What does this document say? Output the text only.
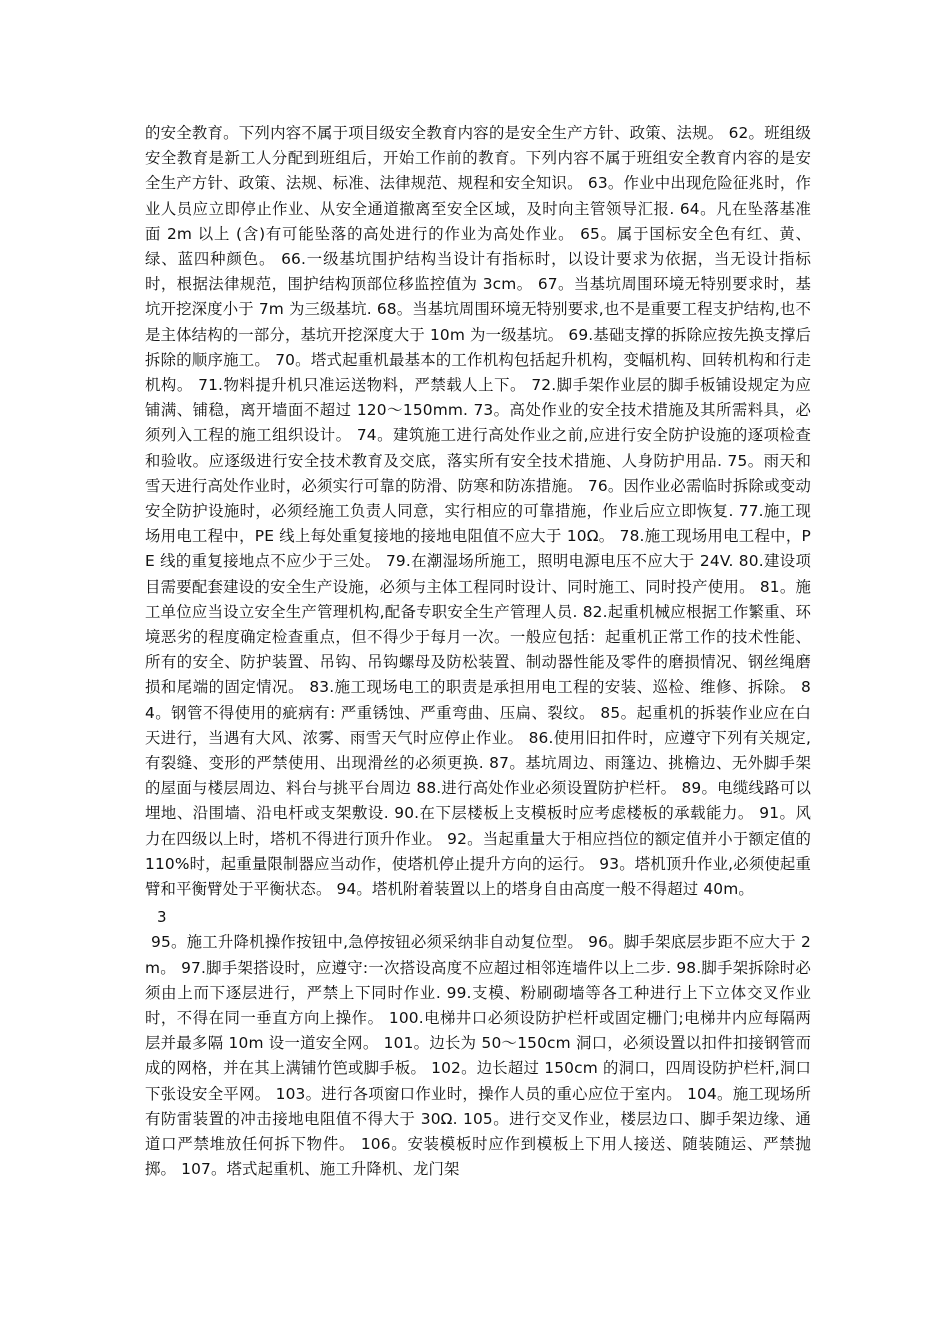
的安全教育。下列内容不属于项目级安全教育内容的是安全生产方针、政策、法规。 62。班组级安全教育是新工人分配到班组后，开始工作前的教育。下列内容不属于班组安全教育内容的是安全生产方针、政策、法规、标准、法律规范、规程和安全知识。 63。作业中出现危险征兆时，作业人员应立即停止作业、从安全通道撤离至安全区域，及时向主管领导汇报. 64。凡在坠落基准面 2m 以上 (含)有可能坠落的高处进行的作业为高处作业。 65。属于国标安全色有红、黄、绿、蓝四种颜色。 66.一级基坑围护结构当设计有指标时，以设计要求为依据，当无设计指标时，根据法律规范，围护结构顶部位移监控值为 3cm。 67。当基坑周围环境无特别要求时，基坑开挖深度小于 7m 为三级基坑. 68。当基坑周围环境无特别要求,也不是重要工程支护结构,也不是主体结构的一部分，基坑开挖深度大于 10m 为一级基坑。 69.基础支撑的拆除应按先换支撑后拆除的顺序施工。 70。塔式起重机最基本的工作机构包括起升机构，变幅机构、回转机构和行走机构。 71.物料提升机只准运送物料，严禁载人上下。 72.脚手架作业层的脚手板铺设规定为应铺满、铺稳，离开墙面不超过 120～150mm. 73。高处作业的安全技术措施及其所需料具，必须列入工程的施工组织设计。 74。建筑施工进行高处作业之前,应进行安全防护设施的逐项检查和验收。应逐级进行安全技术教育及交底，落实所有安全技术措施、人身防护用品. 75。雨天和雪天进行高处作业时，必须实行可靠的防滑、防寒和防冻措施。 76。因作业必需临时拆除或变动安全防护设施时，必须经施工负责人同意，实行相应的可靠措施，作业后应立即恢复. 77.施工现场用电工程中，PE 线上每处重复接地的接地电阻值不应大于 10Ω。 78.施工现场用电工程中，PE 线的重复接地点不应少于三处。 79.在潮湿场所施工，照明电源电压不应大于 24V. 80.建设项目需要配套建设的安全生产设施，必须与主体工程同时设计、同时施工、同时投产使用。 81。施工单位应当设立安全生产管理机构,配备专职安全生产管理人员. 82.起重机械应根据工作繁重、环境恶劣的程度确定检查重点，但不得少于每月一次。一般应包括：起重机正常工作的技术性能、所有的安全、防护装置、吊钩、吊钩螺母及防松装置、制动器性能及零件的磨损情况、钢丝绳磨损和尾端的固定情况。 83.施工现场电工的职责是承担用电工程的安装、巡检、维修、拆除。 84。钢管不得使用的疵病有: 严重锈蚀、严重弯曲、压扁、裂纹。 85。起重机的拆装作业应在白天进行，当遇有大风、浓雾、雨雪天气时应停止作业。 86.使用旧扣件时，应遵守下列有关规定,有裂缝、变形的严禁使用、出现滑丝的必须更换. 87。基坑周边、雨篷边、挑檐边、无外脚手架的屋面与楼层周边、料台与挑平台周边 88.进行高处作业必须设置防护栏杆。 89。电缆线路可以埋地、沿围墙、沿电杆或支架敷设. 90.在下层楼板上支模板时应考虑楼板的承载能力。 91。风力在四级以上时，塔机不得进行顶升作业。 92。当起重量大于相应挡位的额定值并小于额定值的 110%时，起重量限制器应当动作，使塔机停止提升方向的运行。 93。塔机顶升作业,必须使起重臂和平衡臂处于平衡状态。 94。塔机附着装置以上的塔身自由高度一般不得超过 40m。

3

95。施工升降机操作按钮中,急停按钮必须采纳非自动复位型。 96。脚手架底层步距不应大于 2m。 97.脚手架搭设时，应遵守:一次搭设高度不应超过相邻连墙件以上二步. 98.脚手架拆除时必须由上而下逐层进行，严禁上下同时作业. 99.支模、粉刷砌墙等各工种进行上下立体交叉作业时，不得在同一垂直方向上操作。 100.电梯井口必须设防护栏杆或固定栅门;电梯井内应每隔两层并最多隔 10m 设一道安全网。 101。边长为 50～150cm 洞口，必须设置以扣件扣接钢管而成的网格，并在其上满铺竹笆或脚手板。 102。边长超过 150cm 的洞口，四周设防护栏杆,洞口下张设安全平网。 103。进行各项窗口作业时，操作人员的重心应位于室内。 104。施工现场所有防雷装置的冲击接地电阻值不得大于 30Ω. 105。进行交叉作业，楼层边口、脚手架边缘、通道口严禁堆放任何拆下物件。 106。安装模板时应作到模板上下用人接送、随装随运、严禁抛掷。 107。塔式起重机、施工升降机、龙门架
